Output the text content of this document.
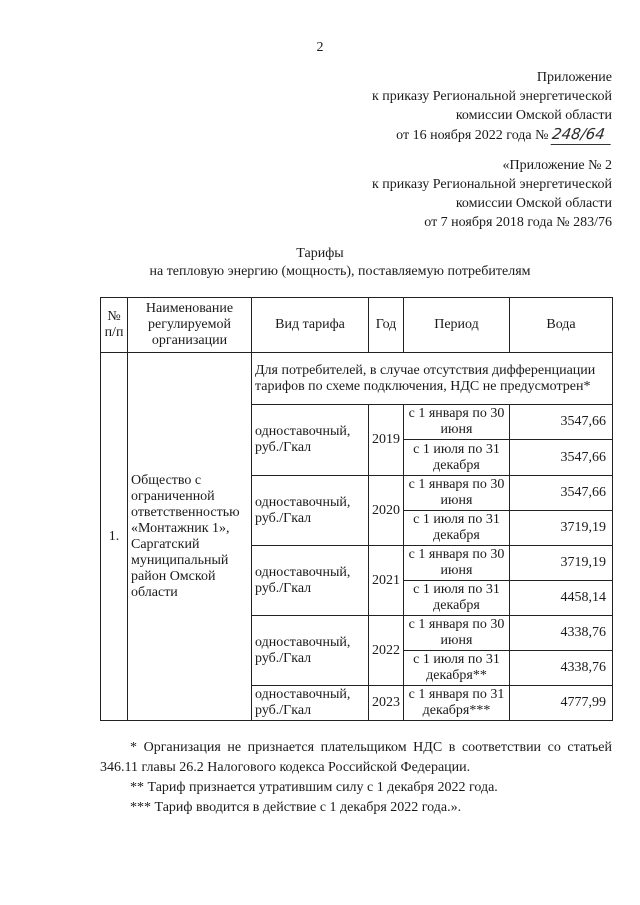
2
Приложение
к приказу Региональной энергетической
комиссии Омской области
от 16 ноября 2022 года № 248/64
«Приложение № 2
к приказу Региональной энергетической
комиссии Омской области
от 7 ноября 2018 года № 283/76
Тарифы
на тепловую энергию (мощность), поставляемую потребителям
№ п/п	Наименование регулируемой организации	Вид тарифа	Год	Период	Вода
1.	Общество с ограниченной ответственностью «Монтажник 1», Саргатский муниципальный район Омской области	Для потребителей, в случае отсутствия дифференциации тарифов по схеме подключения, НДС не предусмотрен*			
		одноставочный, руб./Гкал	2019	с 1 января по 30 июня	3547,66
				с 1 июля по 31 декабря	3547,66
		одноставочный, руб./Гкал	2020	с 1 января по 30 июня	3547,66
				с 1 июля по 31 декабря	3719,19
		одноставочный, руб./Гкал	2021	с 1 января по 30 июня	3719,19
				с 1 июля по 31 декабря	4458,14
		одноставочный, руб./Гкал	2022	с 1 января по 30 июня	4338,76
				с 1 июля по 31 декабря**	4338,76
		одноставочный, руб./Гкал	2023	с 1 января по 31 декабря***	4777,99

* Организация не признается плательщиком НДС в соответствии со статьей 346.11 главы 26.2 Налогового кодекса Российской Федерации.

** Тариф признается утратившим силу с 1 декабря 2022 года.

*** Тариф вводится в действие с 1 декабря 2022 года.».
